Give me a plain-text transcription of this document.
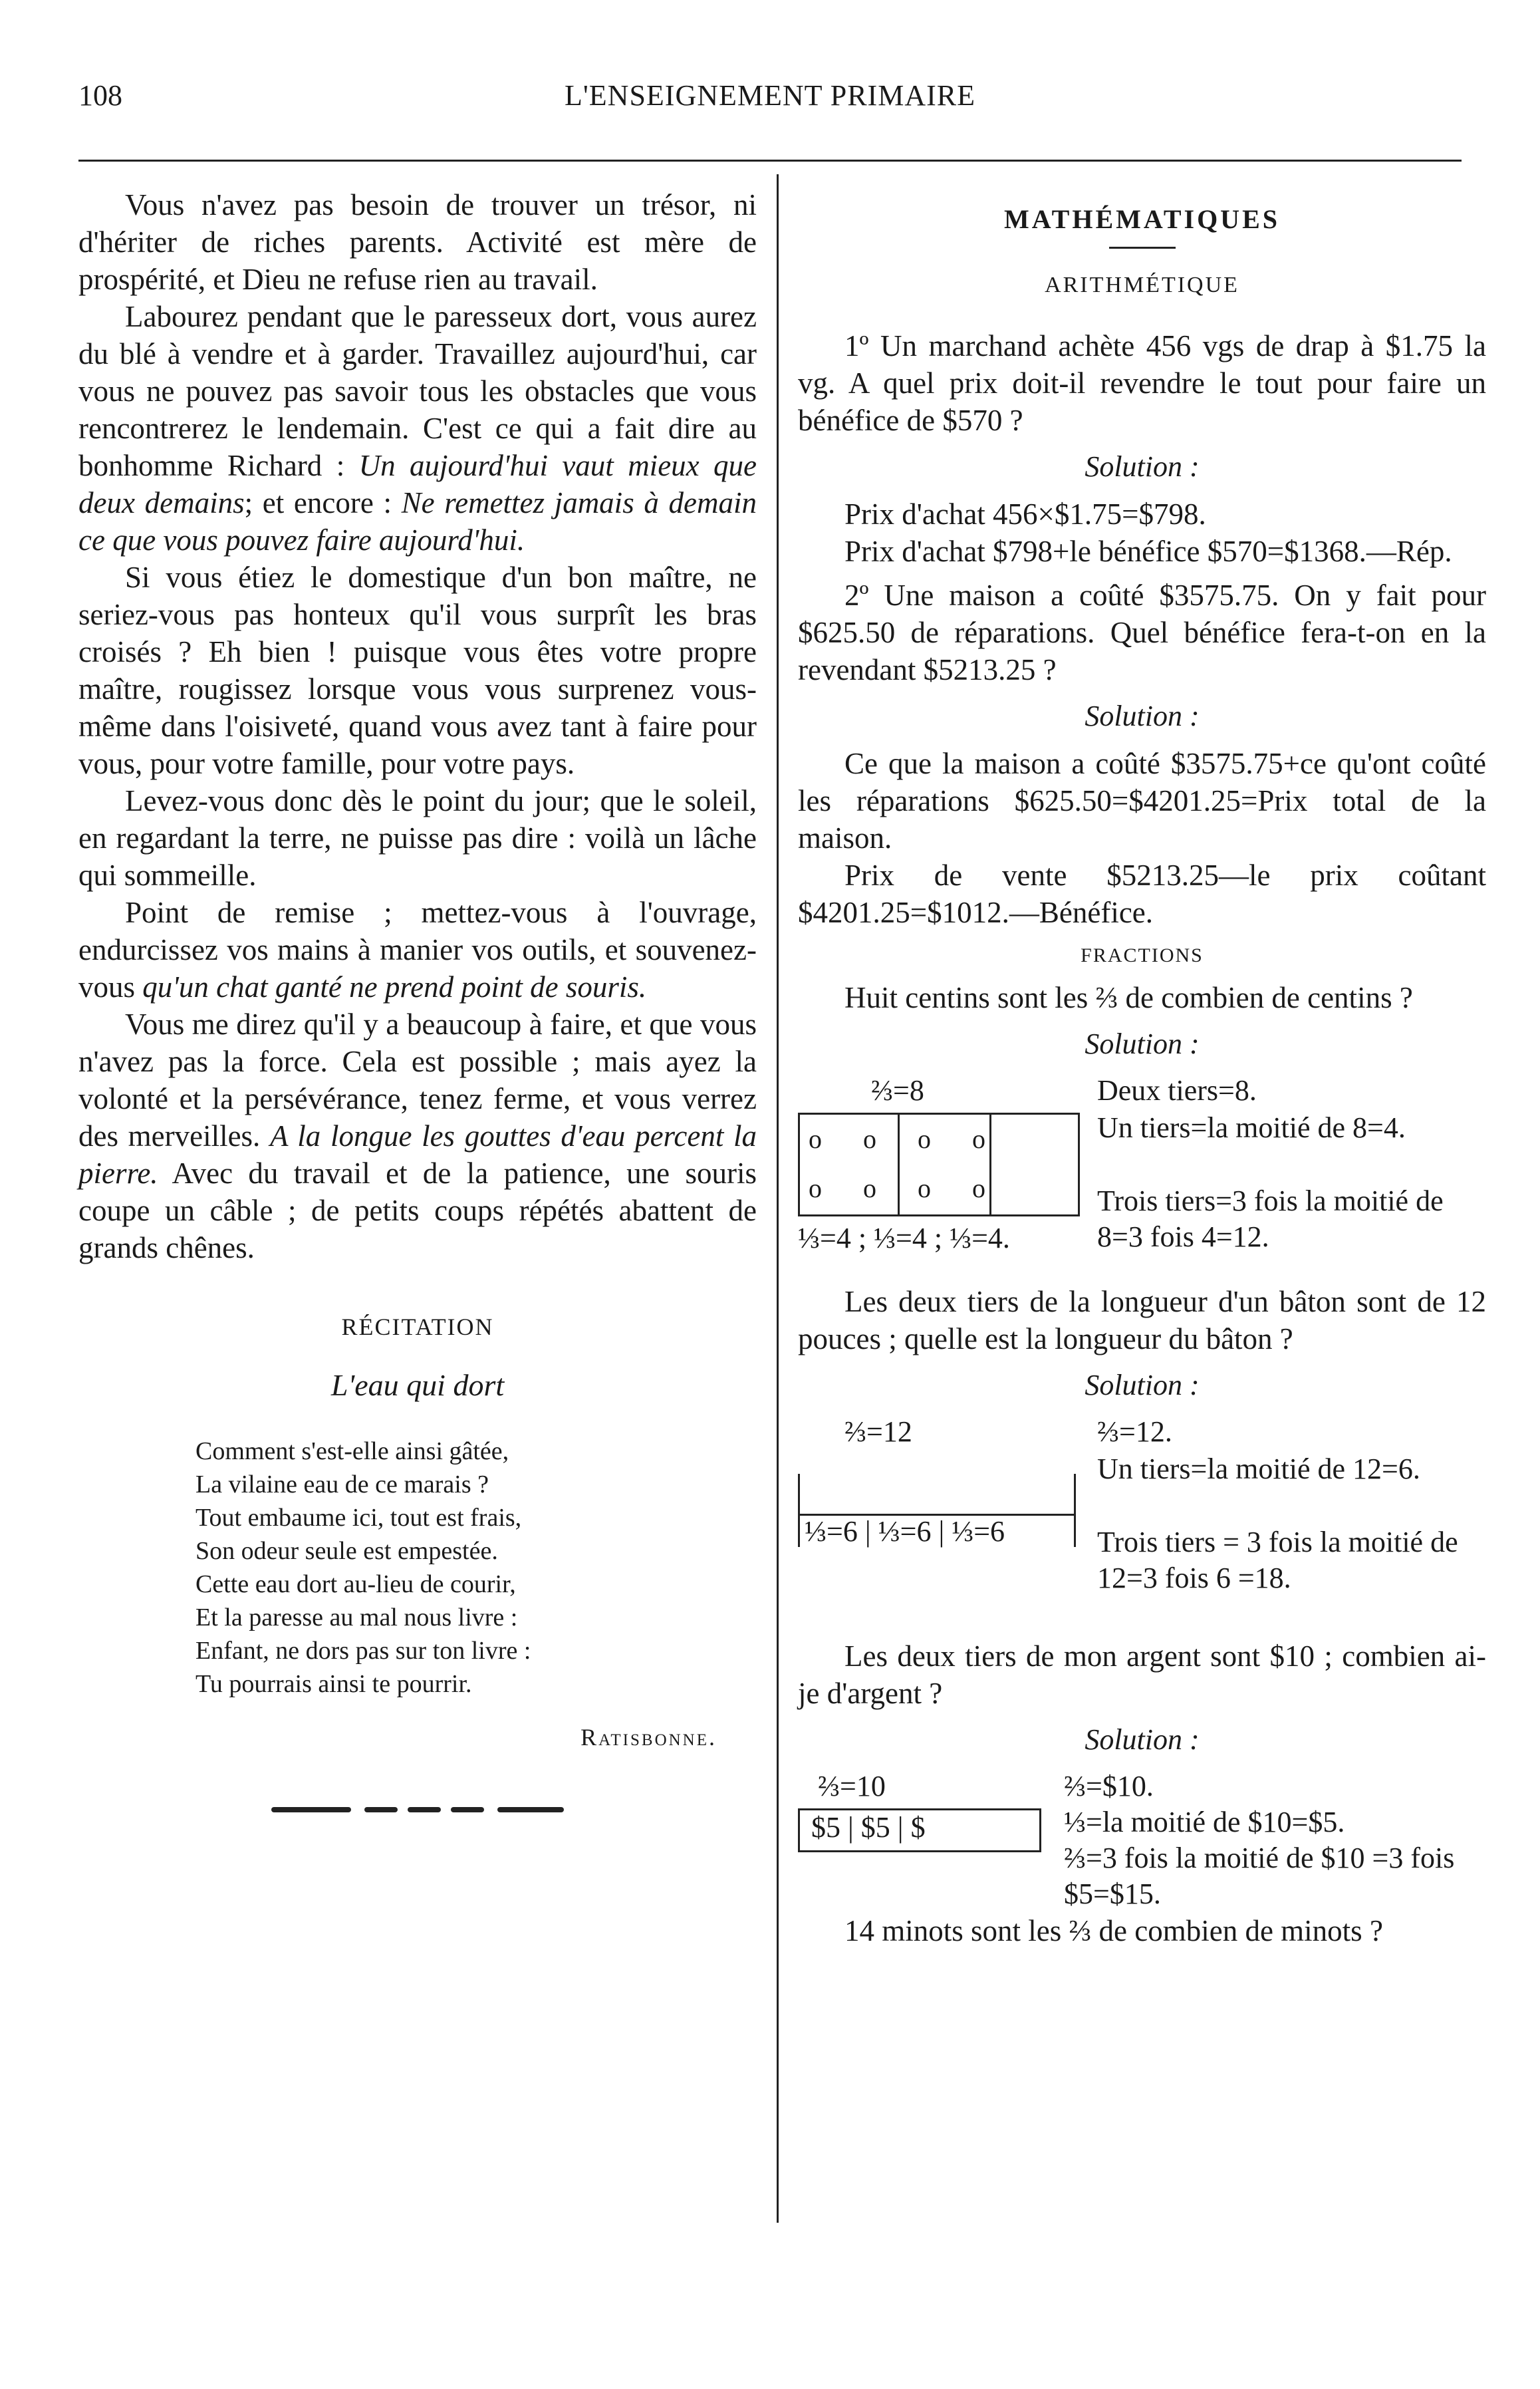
108	L'ENSEIGNEMENT PRIMAIRE

Vous n'avez pas besoin de trouver un trésor, ni d'hériter de riches parents. Activité est mère de prospérité, et Dieu ne refuse rien au travail.

Labourez pendant que le paresseux dort, vous aurez du blé à vendre et à garder. Travaillez aujourd'hui, car vous ne pouvez pas savoir tous les obstacles que vous rencontrerez le lendemain. C'est ce qui a fait dire au bonhomme Richard : Un aujourd'hui vaut mieux que deux demains; et encore : Ne remettez jamais à demain ce que vous pouvez faire aujourd'hui.

Si vous étiez le domestique d'un bon maître, ne seriez-vous pas honteux qu'il vous surprît les bras croisés ? Eh bien ! puisque vous êtes votre propre maître, rougissez lorsque vous vous surprenez vous-même dans l'oisiveté, quand vous avez tant à faire pour vous, pour votre famille, pour votre pays.

Levez-vous donc dès le point du jour; que le soleil, en regardant la terre, ne puisse pas dire : voilà un lâche qui sommeille.

Point de remise ; mettez-vous à l'ouvrage, endurcissez vos mains à manier vos outils, et souvenez-vous qu'un chat ganté ne prend point de souris.

Vous me direz qu'il y a beaucoup à faire, et que vous n'avez pas la force. Cela est possible ; mais ayez la volonté et la persévérance, tenez ferme, et vous verrez des merveilles. A la longue les gouttes d'eau percent la pierre. Avec du travail et de la patience, une souris coupe un câble ; de petits coups répétés abattent de grands chênes.

RÉCITATION
L'eau qui dort
Comment s'est-elle ainsi gâtée,
La vilaine eau de ce marais ?
Tout embaume ici, tout est frais,
Son odeur seule est empestée.
Cette eau dort au-lieu de courir,
Et la paresse au mal nous livre :
Enfant, ne dors pas sur ton livre :
Tu pourrais ainsi te pourrir.
Ratisbonne.
MATHÉMATIQUES
ARITHMÉTIQUE

1º Un marchand achète 456 vgs de drap à $1.75 la vg. A quel prix doit-il revendre le tout pour faire un bénéfice de $570 ?

Solution :

Prix d'achat 456×$1.75=$798.

Prix d'achat $798+le bénéfice $570=$1368.—Rép.

2º Une maison a coûté $3575.75. On y fait pour $625.50 de réparations. Quel bénéfice fera-t-on en la revendant $5213.25 ?

Solution :

Ce que la maison a coûté $3575.75+ce qu'ont coûté les réparations $625.50=$4201.25=Prix total de la maison.

Prix de vente $5213.25—le prix coûtant $4201.25=$1012.—Bénéfice.

FRACTIONS

Huit centins sont les ⅔ de combien de centins ?

Solution :
⅔=8
o o o o
o o o o
⅓=4 ; ⅓=4 ; ⅓=4.
Deux tiers=8.
Un tiers=la moitié de 8=4.
Trois tiers=3 fois la moitié de 8=3 fois 4=12.

Les deux tiers de la longueur d'un bâton sont de 12 pouces ; quelle est la longueur du bâton ?

Solution :
⅔=12
⅓=6 | ⅓=6 | ⅓=6
⅔=12.
Un tiers=la moitié de 12=6.
Trois tiers = 3 fois la moitié de 12=3 fois 6 =18.

Les deux tiers de mon argent sont $10 ; combien ai-je d'argent ?

Solution :
⅔=10
$5 | $5 | $
⅔=$10.
⅓=la moitié de $10=$5.
⅔=3 fois la moitié de $10 =3 fois $5=$15.

14 minots sont les ⅔ de combien de minots ?
